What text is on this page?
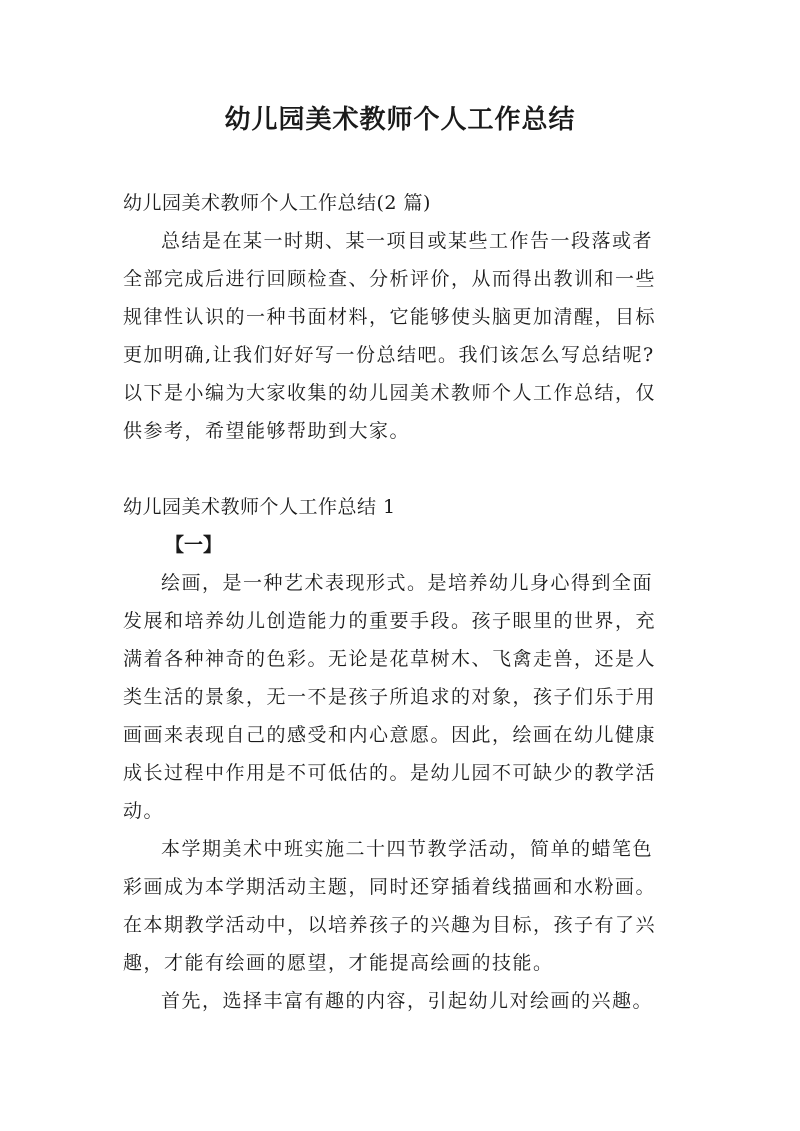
幼儿园美术教师个人工作总结
幼儿园美术教师个人工作总结(2 篇)
总结是在某一时期、某一项目或某些工作告一段落或者
全部完成后进行回顾检查、分析评价，从而得出教训和一些
规律性认识的一种书面材料，它能够使头脑更加清醒，目标
更加明确,让我们好好写一份总结吧。我们该怎么写总结呢?
以下是小编为大家收集的幼儿园美术教师个人工作总结，仅
供参考，希望能够帮助到大家。
幼儿园美术教师个人工作总结 1
【一】
绘画，是一种艺术表现形式。是培养幼儿身心得到全面
发展和培养幼儿创造能力的重要手段。孩子眼里的世界，充
满着各种神奇的色彩。无论是花草树木、飞禽走兽，还是人
类生活的景象，无一不是孩子所追求的对象，孩子们乐于用
画画来表现自己的感受和内心意愿。因此，绘画在幼儿健康
成长过程中作用是不可低估的。是幼儿园不可缺少的教学活
动。
本学期美术中班实施二十四节教学活动，简单的蜡笔色
彩画成为本学期活动主题，同时还穿插着线描画和水粉画。
在本期教学活动中，以培养孩子的兴趣为目标，孩子有了兴
趣，才能有绘画的愿望，才能提高绘画的技能。
首先，选择丰富有趣的内容，引起幼儿对绘画的兴趣。
